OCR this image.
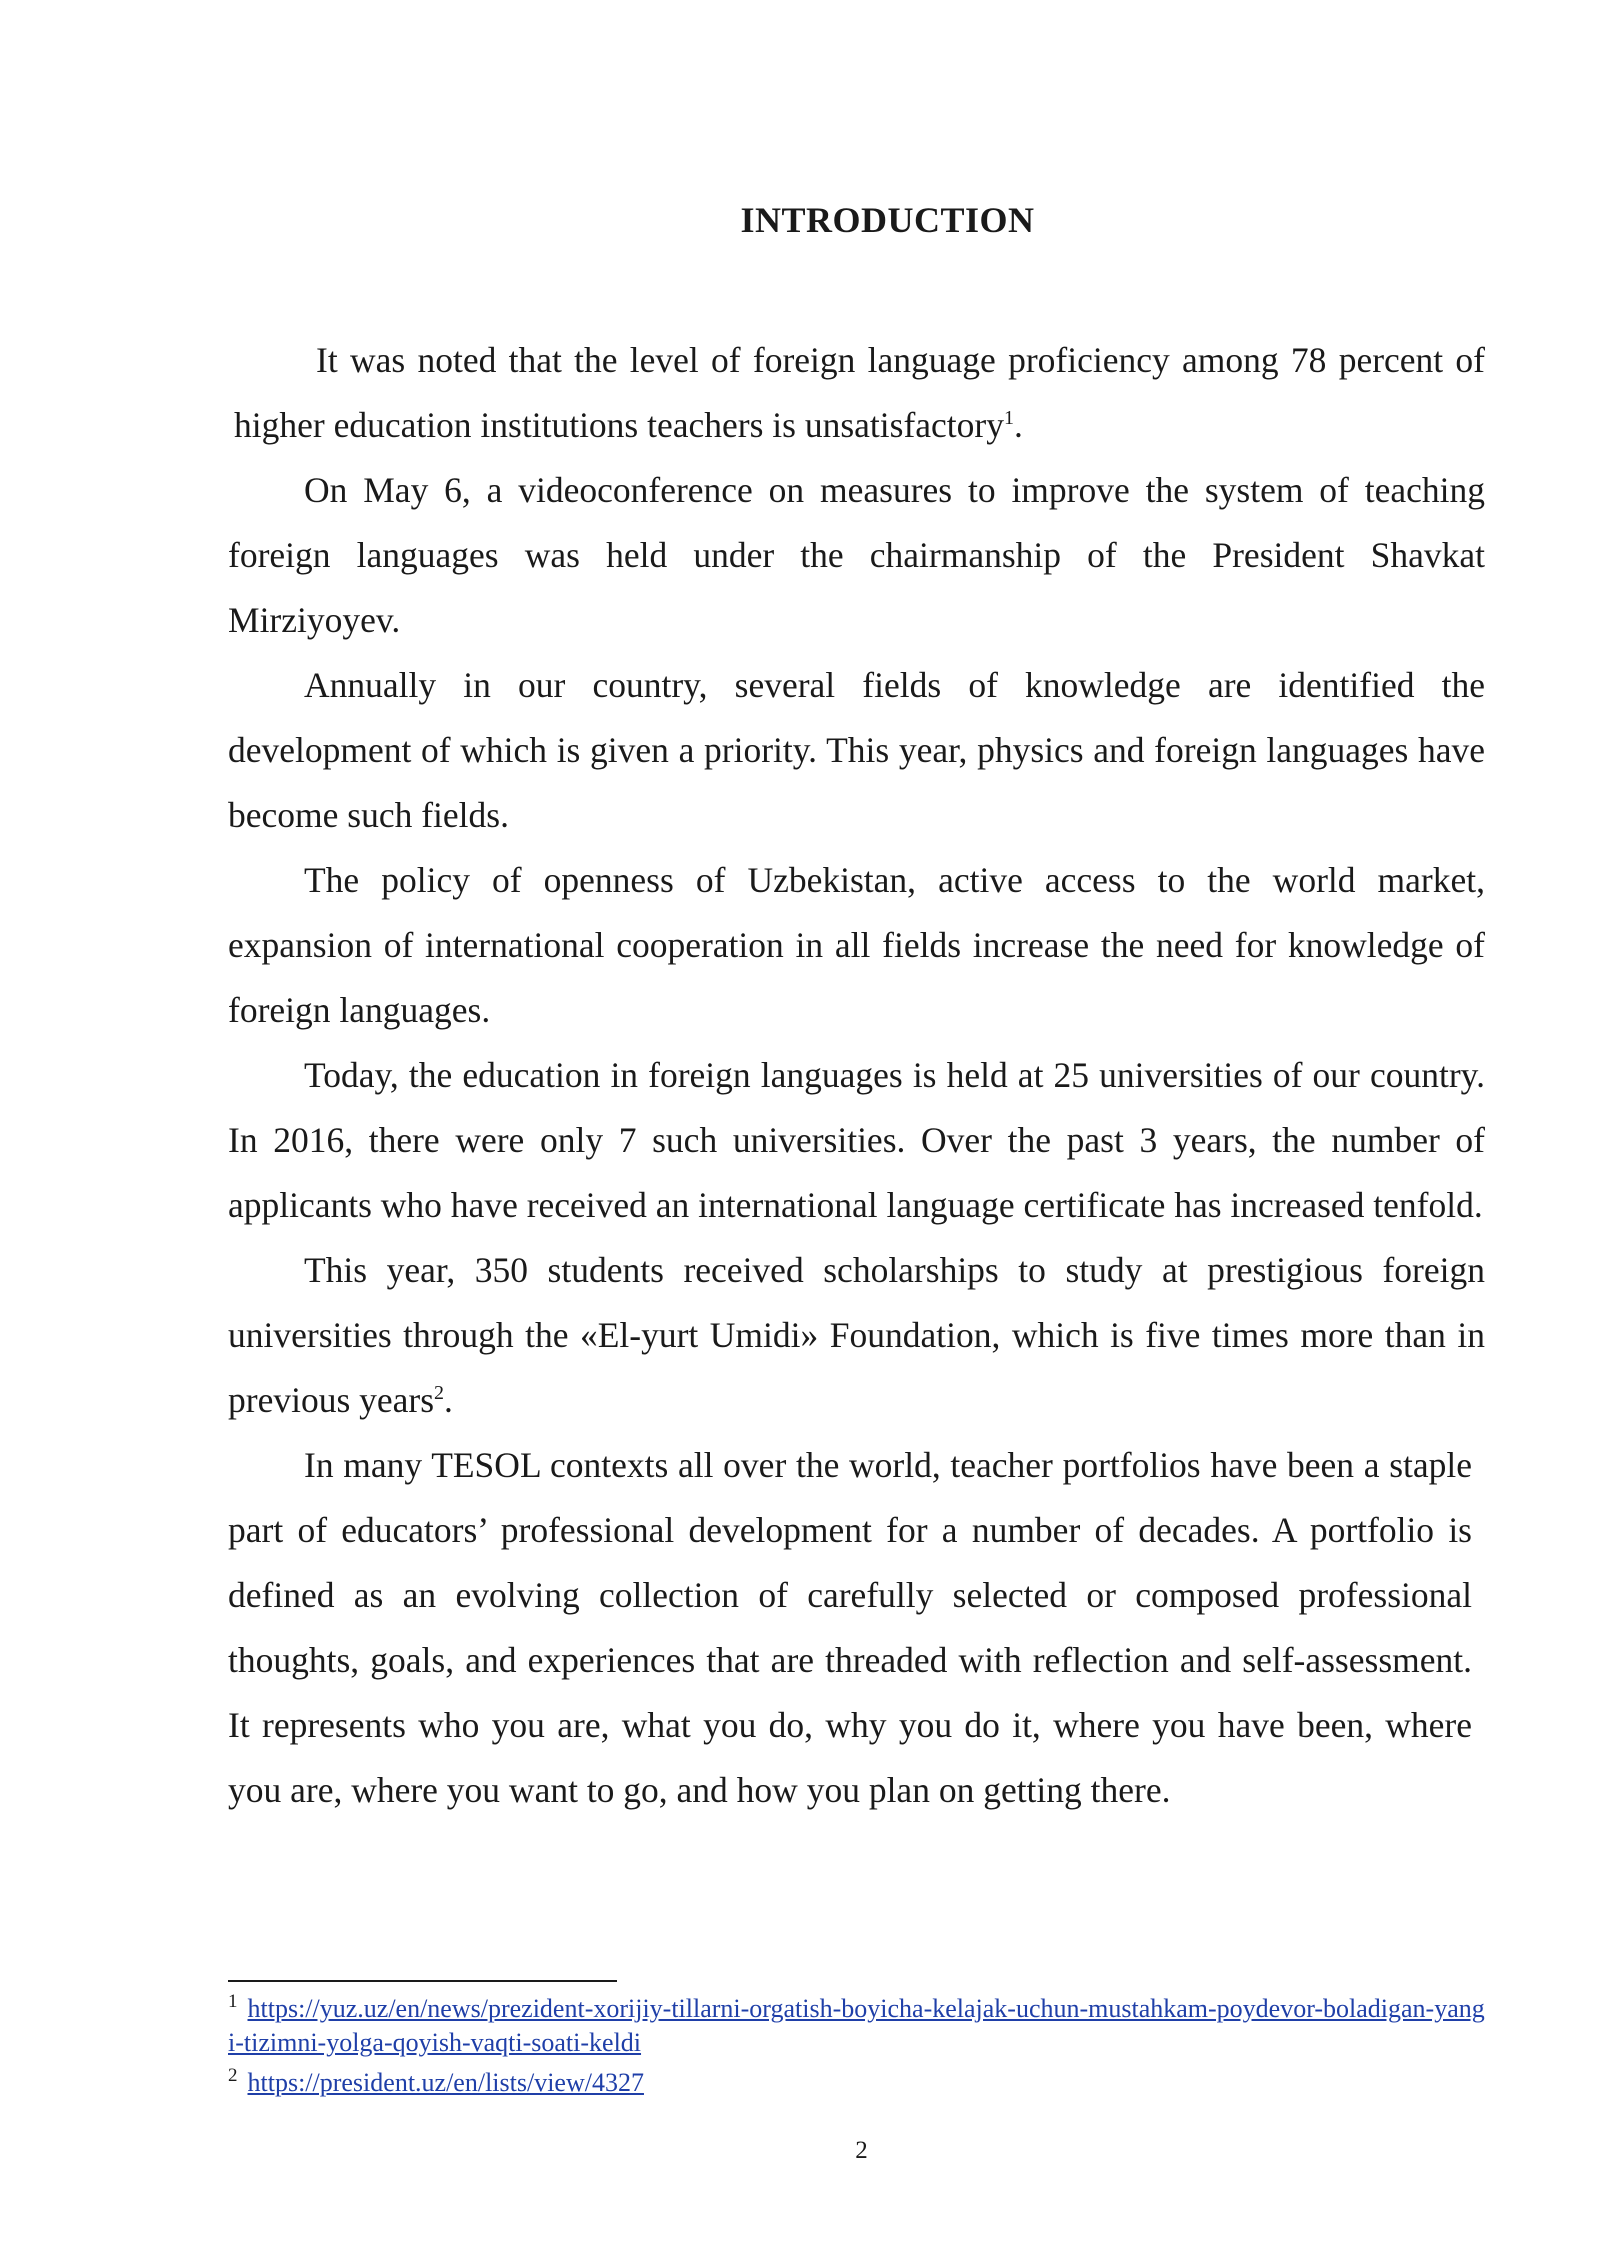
INTRODUCTION

It was noted that the level of foreign language proficiency among 78 percent of higher education institutions teachers is unsatisfactory$^1$.

On May 6, a videoconference on measures to improve the system of teaching foreign languages was held under the chairmanship of the President Shavkat Mirziyoyev.

Annually in our country, several fields of knowledge are identified the development of which is given a priority. This year, physics and foreign languages have become such fields.

The policy of openness of Uzbekistan, active access to the world market, expansion of international cooperation in all fields increase the need for knowledge of foreign languages.

Today, the education in foreign languages is held at 25 universities of our country. In 2016, there were only 7 such universities. Over the past 3 years, the number of applicants who have received an international language certificate has increased tenfold.

This year, 350 students received scholarships to study at prestigious foreign universities through the «El-yurt Umidi» Foundation, which is five times more than in previous years$^2$.

In many TESOL contexts all over the world, teacher portfolios have been a staple part of educators’ professional development for a number of decades. A portfolio is defined as an evolving collection of carefully selected or composed professional thoughts, goals, and experiences that are threaded with reflection and self-assessment. It represents who you are, what you do, why you do it, where you have been, where you are, where you want to go, and how you plan on getting there.

$^1$ https://yuz.uz/en/news/prezident-xorijiy-tillarni-orgatish-boyicha-kelajak-uchun-mustahkam-poydevor-boladigan-yangi-tizimni-yolga-qoyish-vaqti-soati-keldi

$^2$ https://president.uz/en/lists/view/4327

2
